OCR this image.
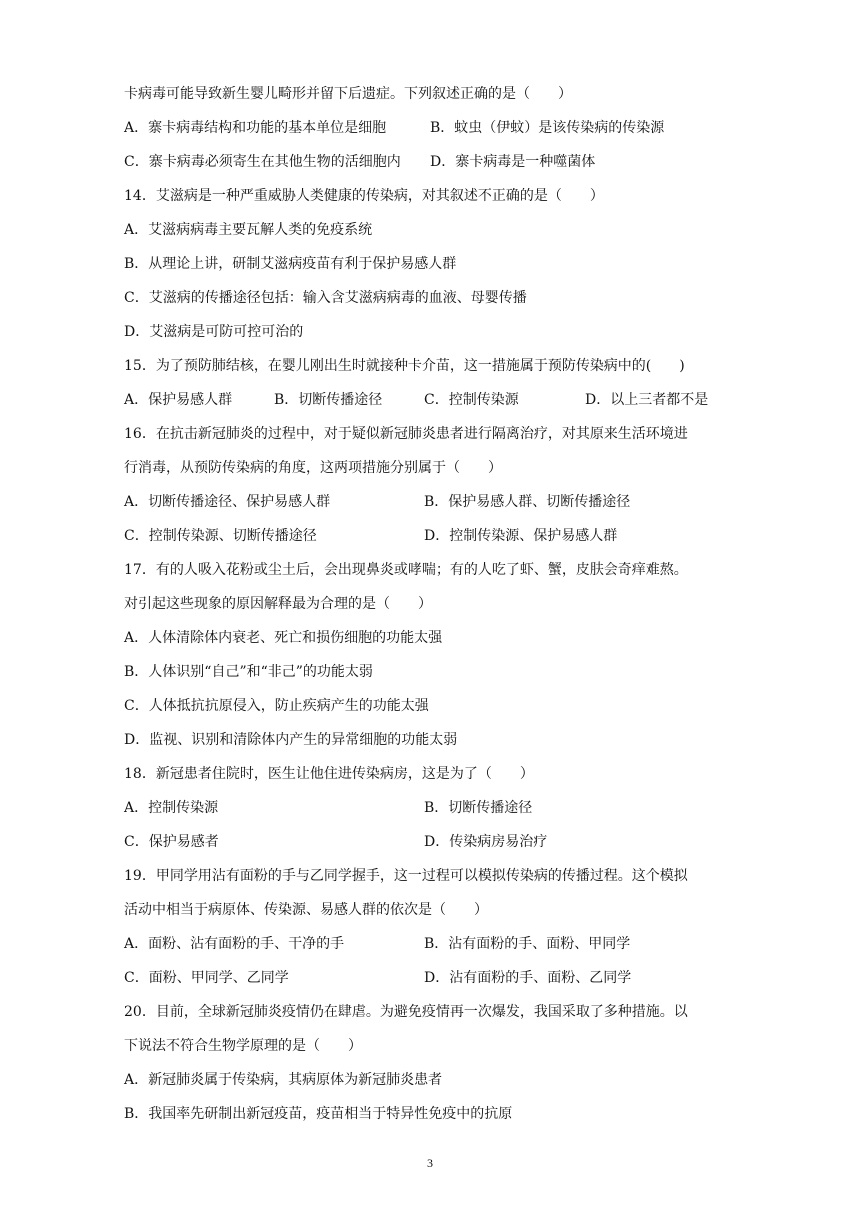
卡病毒可能导致新生婴儿畸形并留下后遗症。下列叙述正确的是（　　）
A．寨卡病毒结构和功能的基本单位是细胞	B．蚊虫（伊蚊）是该传染病的传染源
C．寨卡病毒必须寄生在其他生物的活细胞内 D．寨卡病毒是一种噬菌体
14．艾滋病是一种严重威胁人类健康的传染病，对其叙述不正确的是（　　）
A．艾滋病病毒主要瓦解人类的免疫系统
B．从理论上讲，研制艾滋病疫苗有利于保护易感人群
C．艾滋病的传播途径包括：输入含艾滋病病毒的血液、母婴传播
D．艾滋病是可防可控可治的
15．为了预防肺结核，在婴儿刚出生时就接种卡介苗，这一措施属于预防传染病中的(　　)
A．保护易感人群	B．切断传播途径	C．控制传染源	D．以上三者都不是
16．在抗击新冠肺炎的过程中，对于疑似新冠肺炎患者进行隔离治疗，对其原来生活环境进
行消毒，从预防传染病的角度，这两项措施分别属于（　　）
A．切断传播途径、保护易感人群	B．保护易感人群、切断传播途径
C．控制传染源、切断传播途径	D．控制传染源、保护易感人群
17．有的人吸入花粉或尘土后，会出现鼻炎或哮喘；有的人吃了虾、蟹，皮肤会奇痒难熬。
对引起这些现象的原因解释最为合理的是（　　）
A．人体清除体内衰老、死亡和损伤细胞的功能太强
B．人体识别“自己”和“非己”的功能太弱
C．人体抵抗抗原侵入，防止疾病产生的功能太强
D．监视、识别和清除体内产生的异常细胞的功能太弱
18．新冠患者住院时，医生让他住进传染病房，这是为了（　　）
A．控制传染源	B．切断传播途径
C．保护易感者	D．传染病房易治疗
19．甲同学用沾有面粉的手与乙同学握手，这一过程可以模拟传染病的传播过程。这个模拟
活动中相当于病原体、传染源、易感人群的依次是（　　）
A．面粉、沾有面粉的手、干净的手	B．沾有面粉的手、面粉、甲同学
C．面粉、甲同学、乙同学	D．沾有面粉的手、面粉、乙同学
20．目前，全球新冠肺炎疫情仍在肆虐。为避免疫情再一次爆发，我国采取了多种措施。以
下说法不符合生物学原理的是（　　）
A．新冠肺炎属于传染病，其病原体为新冠肺炎患者
B．我国率先研制出新冠疫苗，疫苗相当于特异性免疫中的抗原
3
